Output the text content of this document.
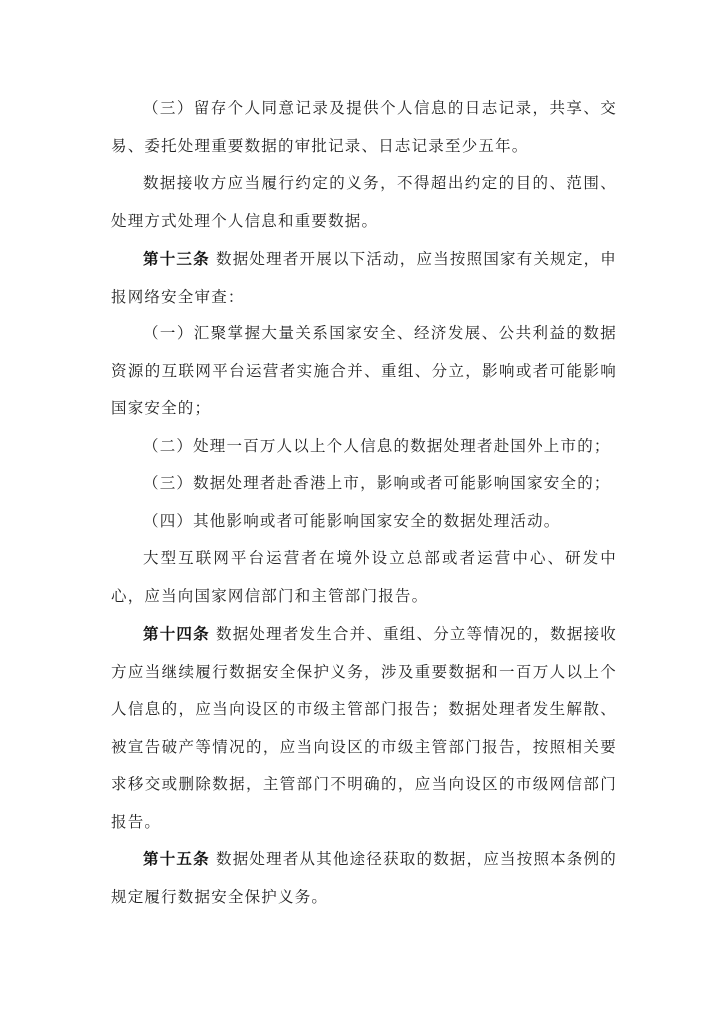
（三）留存个人同意记录及提供个人信息的日志记录，共享、交易、委托处理重要数据的审批记录、日志记录至少五年。

数据接收方应当履行约定的义务，不得超出约定的目的、范围、处理方式处理个人信息和重要数据。

第十三条 数据处理者开展以下活动，应当按照国家有关规定，申报网络安全审查：

（一）汇聚掌握大量关系国家安全、经济发展、公共利益的数据资源的互联网平台运营者实施合并、重组、分立，影响或者可能影响国家安全的；

（二）处理一百万人以上个人信息的数据处理者赴国外上市的；

（三）数据处理者赴香港上市，影响或者可能影响国家安全的；

（四）其他影响或者可能影响国家安全的数据处理活动。

大型互联网平台运营者在境外设立总部或者运营中心、研发中心，应当向国家网信部门和主管部门报告。

第十四条 数据处理者发生合并、重组、分立等情况的，数据接收方应当继续履行数据安全保护义务，涉及重要数据和一百万人以上个人信息的，应当向设区的市级主管部门报告；数据处理者发生解散、被宣告破产等情况的，应当向设区的市级主管部门报告，按照相关要求移交或删除数据，主管部门不明确的，应当向设区的市级网信部门报告。

第十五条 数据处理者从其他途径获取的数据，应当按照本条例的规定履行数据安全保护义务。
